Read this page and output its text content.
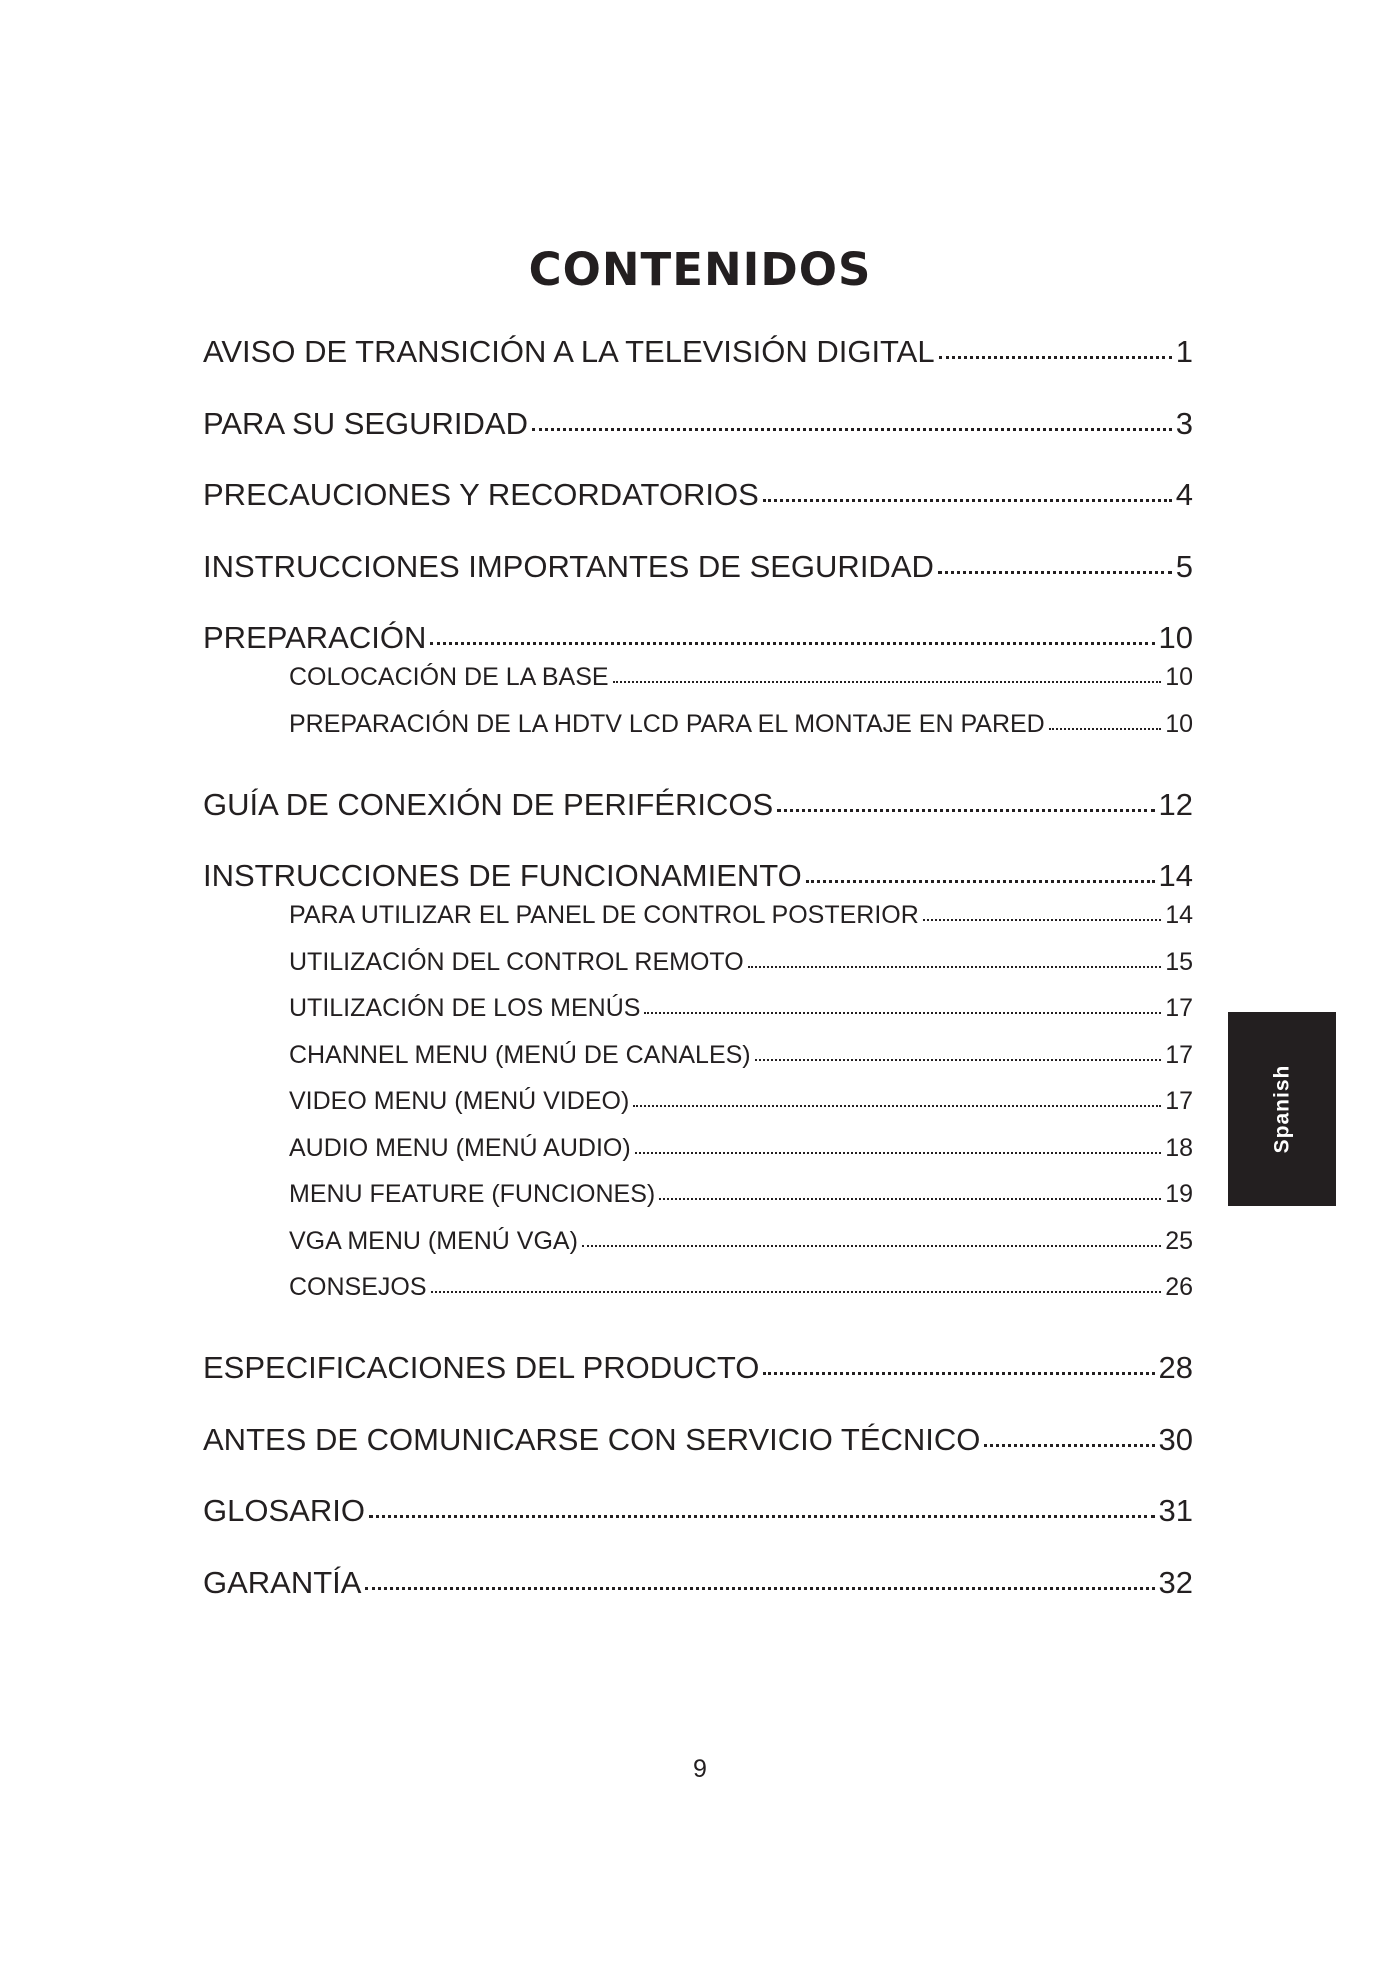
CONTENIDOS
AVISO DE TRANSICIÓN A LA TELEVISIÓN DIGITAL	1
PARA SU SEGURIDAD	3
PRECAUCIONES Y RECORDATORIOS	4
INSTRUCCIONES IMPORTANTES DE SEGURIDAD	5
PREPARACIÓN	10
COLOCACIÓN DE LA BASE	10
PREPARACIÓN DE LA HDTV LCD PARA EL MONTAJE EN PARED	10
GUÍA DE CONEXIÓN DE PERIFÉRICOS	12
INSTRUCCIONES DE FUNCIONAMIENTO	14
PARA UTILIZAR EL PANEL DE CONTROL POSTERIOR	14
UTILIZACIÓN DEL CONTROL REMOTO	15
UTILIZACIÓN DE LOS MENÚS	17
CHANNEL MENU (MENÚ DE CANALES)	17
VIDEO MENU (MENÚ VIDEO)	17
AUDIO MENU (MENÚ AUDIO)	18
MENU FEATURE (FUNCIONES)	19
VGA MENU (MENÚ VGA)	25
CONSEJOS	26
ESPECIFICACIONES DEL PRODUCTO	28
ANTES DE COMUNICARSE CON SERVICIO TÉCNICO	30
GLOSARIO	31
GARANTÍA	32
Spanish
9
